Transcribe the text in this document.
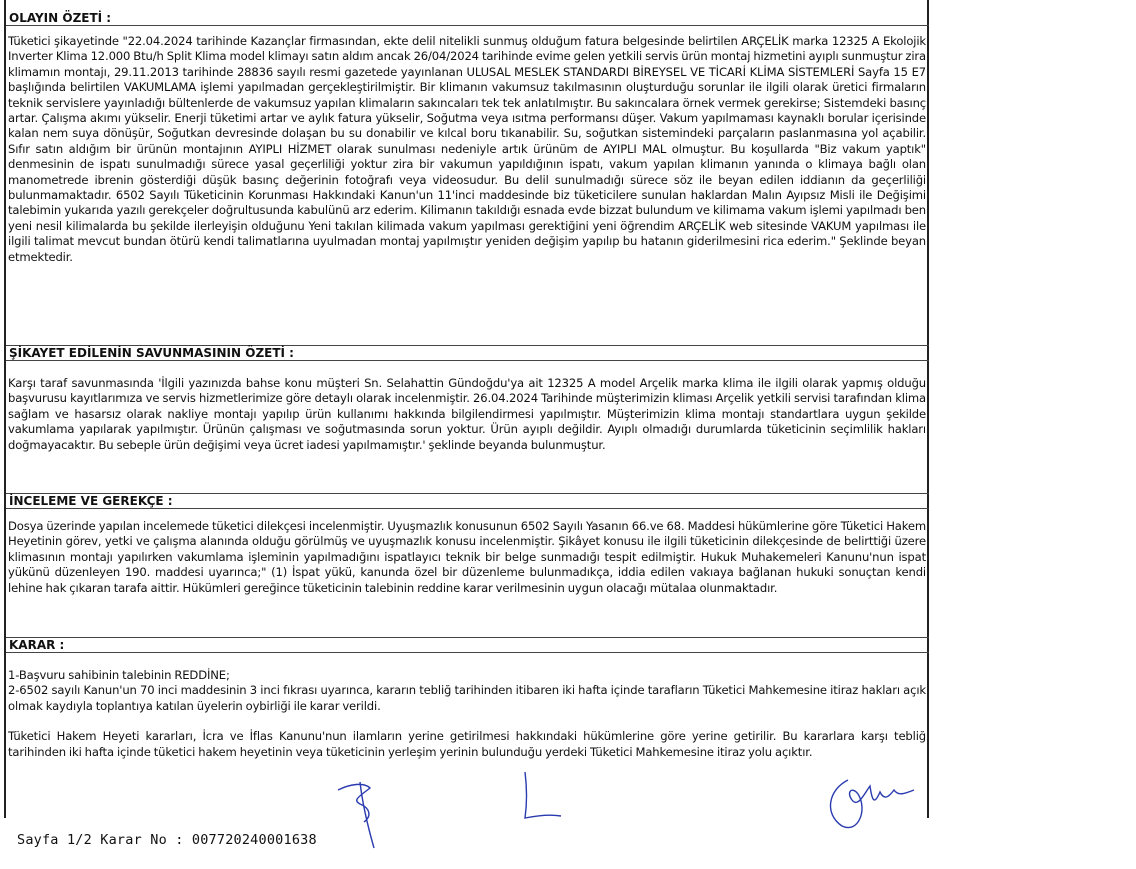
OLAYIN ÖZETİ :

Tüketici şikayetinde "22.04.2024 tarihinde Kazançlar firmasından, ekte delil nitelikli sunmuş olduğum fatura belgesinde belirtilen ARÇELİK marka 12325 A Ekolojik Inverter Klima 12.000 Btu/h Split Klima model klimayı satın aldım ancak 26/04/2024 tarihinde evime gelen yetkili servis ürün montaj hizmetini ayıplı sunmuştur zira klimamın montajı, 29.11.2013 tarihinde 28836 sayılı resmi gazetede yayınlanan ULUSAL MESLEK STANDARDI BİREYSEL VE TİCARİ KLİMA SİSTEMLERİ Sayfa 15 E7 başlığında belirtilen VAKUMLAMA işlemi yapılmadan gerçekleştirilmiştir. Bir klimanın vakumsuz takılmasının oluşturduğu sorunlar ile ilgili olarak üretici firmaların teknik servislere yayınladığı bültenlerde de vakumsuz yapılan klimaların sakıncaları tek tek anlatılmıştır. Bu sakıncalara örnek vermek gerekirse; Sistemdeki basınç artar. Çalışma akımı yükselir. Enerji tüketimi artar ve aylık fatura yükselir, Soğutma veya ısıtma performansı düşer. Vakum yapılmaması kaynaklı borular içerisinde kalan nem suya dönüşür, Soğutkan devresinde dolaşan bu su donabilir ve kılcal boru tıkanabilir. Su, soğutkan sistemindeki parçaların paslanmasına yol açabilir. Sıfır satın aldığım bir ürünün montajının AYIPLI HİZMET olarak sunulması nedeniyle artık ürünüm de AYIPLI MAL olmuştur. Bu koşullarda "Biz vakum yaptık" denmesinin de ispatı sunulmadığı sürece yasal geçerliliği yoktur zira bir vakumun yapıldığının ispatı, vakum yapılan klimanın yanında o klimaya bağlı olan manometrede ibrenin gösterdiği düşük basınç değerinin fotoğrafı veya videosudur. Bu delil sunulmadığı sürece söz ile beyan edilen iddianın da geçerliliği bulunmamaktadır. 6502 Sayılı Tüketicinin Korunması Hakkındaki Kanun'un 11'inci maddesinde biz tüketicilere sunulan haklardan Malın Ayıpsız Misli ile Değişimi talebimin yukarıda yazılı gerekçeler doğrultusunda kabulünü arz ederim. Kilimanın takıldığı esnada evde bizzat bulundum ve kilimama vakum işlemi yapılmadı ben yeni nesil kilimalarda bu şekilde ilerleyişin olduğunu Yeni takılan kilimada vakum yapılması gerektiğini yeni öğrendim ARÇELİK web sitesinde VAKUM yapılması ile ilgili talimat mevcut bundan ötürü kendi talimatlarına uyulmadan montaj yapılmıştır yeniden değişim yapılıp bu hatanın giderilmesini rica ederim." Şeklinde beyan etmektedir.

ŞİKAYET EDİLENİN SAVUNMASININ ÖZETİ :

Karşı taraf savunmasında 'İlgili yazınızda bahse konu müşteri Sn. Selahattin Gündoğdu'ya ait 12325 A model Arçelik marka klima ile ilgili olarak yapmış olduğu başvurusu kayıtlarımıza ve servis hizmetlerimize göre detaylı olarak incelenmiştir. 26.04.2024 Tarihinde müşterimizin kliması Arçelik yetkili servisi tarafından klima sağlam ve hasarsız olarak nakliye montajı yapılıp ürün kullanımı hakkında bilgilendirmesi yapılmıştır. Müşterimizin klima montajı standartlara uygun şekilde vakumlama yapılarak yapılmıştır. Ürünün çalışması ve soğutmasında sorun yoktur. Ürün ayıplı değildir. Ayıplı olmadığı durumlarda tüketicinin seçimlilik hakları doğmayacaktır. Bu sebeple ürün değişimi veya ücret iadesi yapılmamıştır.' şeklinde beyanda bulunmuştur.

İNCELEME VE GEREKÇE :

Dosya üzerinde yapılan incelemede tüketici dilekçesi incelenmiştir. Uyuşmazlık konusunun 6502 Sayılı Yasanın 66.ve 68. Maddesi hükümlerine göre Tüketici Hakem Heyetinin görev, yetki ve çalışma alanında olduğu görülmüş ve uyuşmazlık konusu incelenmiştir. Şikâyet konusu ile ilgili tüketicinin dilekçesinde de belirttiği üzere klimasının montajı yapılırken vakumlama işleminin yapılmadığını ispatlayıcı teknik bir belge sunmadığı tespit edilmiştir. Hukuk Muhakemeleri Kanunu'nun ispat yükünü düzenleyen 190. maddesi uyarınca;" (1) İspat yükü, kanunda özel bir düzenleme bulunmadıkça, iddia edilen vakıaya bağlanan hukuki sonuçtan kendi lehine hak çıkaran tarafa aittir. Hükümleri gereğince tüketicinin talebinin reddine karar verilmesinin uygun olacağı mütalaa olunmaktadır.

KARAR :

1-Başvuru sahibinin talebinin REDDİNE;

2-6502 sayılı Kanun'un 70 inci maddesinin 3 inci fıkrası uyarınca, kararın tebliğ tarihinden itibaren iki hafta içinde tarafların Tüketici Mahkemesine itiraz hakları açık olmak kaydıyla toplantıya katılan üyelerin oybirliği ile karar verildi.

Tüketici Hakem Heyeti kararları, İcra ve İflas Kanunu'nun ilamların yerine getirilmesi hakkındaki hükümlerine göre yerine getirilir. Bu kararlara karşı tebliğ tarihinden iki hafta içinde tüketici hakem heyetinin veya tüketicinin yerleşim yerinin bulunduğu yerdeki Tüketici Mahkemesine itiraz yolu açıktır.

Sayfa 1/2 Karar No : 007720240001638
